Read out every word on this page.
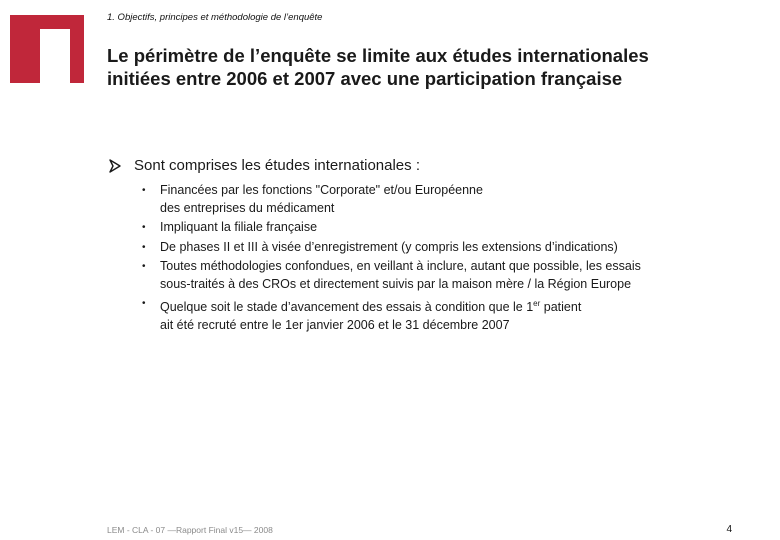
1. Objectifs, principes et méthodologie de l’enquête
Le périmètre de l’enquête se limite aux études internationales
initiées entre 2006 et 2007 avec une participation française
Sont comprises les études internationales :
• Financées par les fonctions "Corporate" et/ou Européenne
des entreprises du médicament
• Impliquant la filiale française
• De phases II et III à visée d’enregistrement (y compris les extensions d’indications)
• Toutes méthodologies confondues, en veillant à inclure, autant que possible, les essais
sous-traités à des CROs et directement suivis par la maison mère / la Région Europe
• Quelque soit le stade d’avancement des essais à condition que le 1er patient
ait été recruté entre le 1er janvier 2006 et le 31 décembre 2007
LEM - CLA - 07 —Rapport Final v15— 2008	4
